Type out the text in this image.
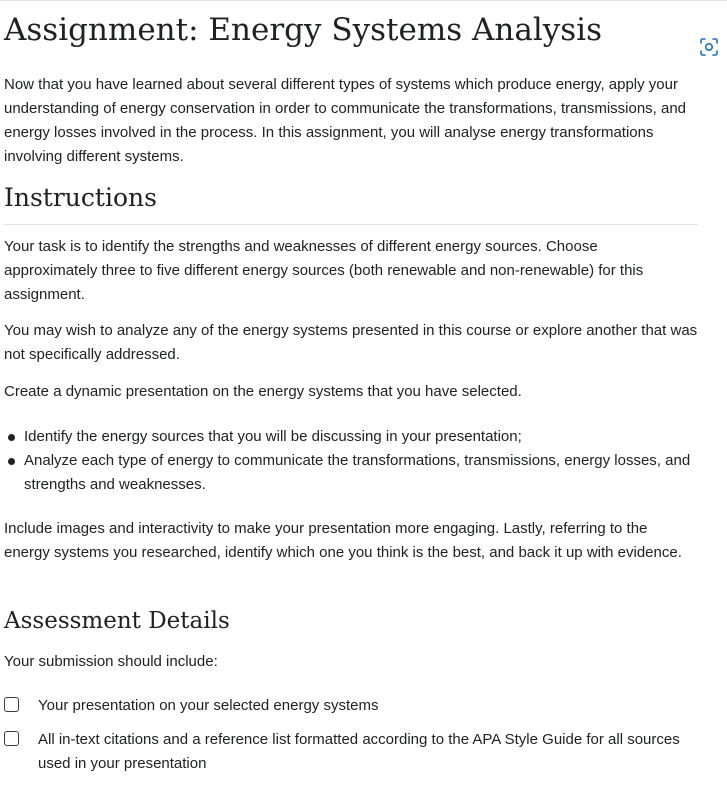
Assignment: Energy Systems Analysis

Now that you have learned about several different types of systems which produce energy, apply your understanding of energy conservation in order to communicate the transformations, transmissions, and energy losses involved in the process. In this assignment, you will analyse energy transformations involving different systems.

Instructions

Your task is to identify the strengths and weaknesses of different energy sources. Choose approximately three to five different energy sources (both renewable and non-renewable) for this assignment.

You may wish to analyze any of the energy systems presented in this course or explore another that was not specifically addressed.

Create a dynamic presentation on the energy systems that you have selected.

Identify the energy sources that you will be discussing in your presentation;
Analyze each type of energy to communicate the transformations, transmissions, energy losses, and strengths and weaknesses.

Include images and interactivity to make your presentation more engaging. Lastly, referring to the energy systems you researched, identify which one you think is the best, and back it up with evidence.

Assessment Details

Your submission should include:

Your presentation on your selected energy systems
All in-text citations and a reference list formatted according to the APA Style Guide for all sources used in your presentation
